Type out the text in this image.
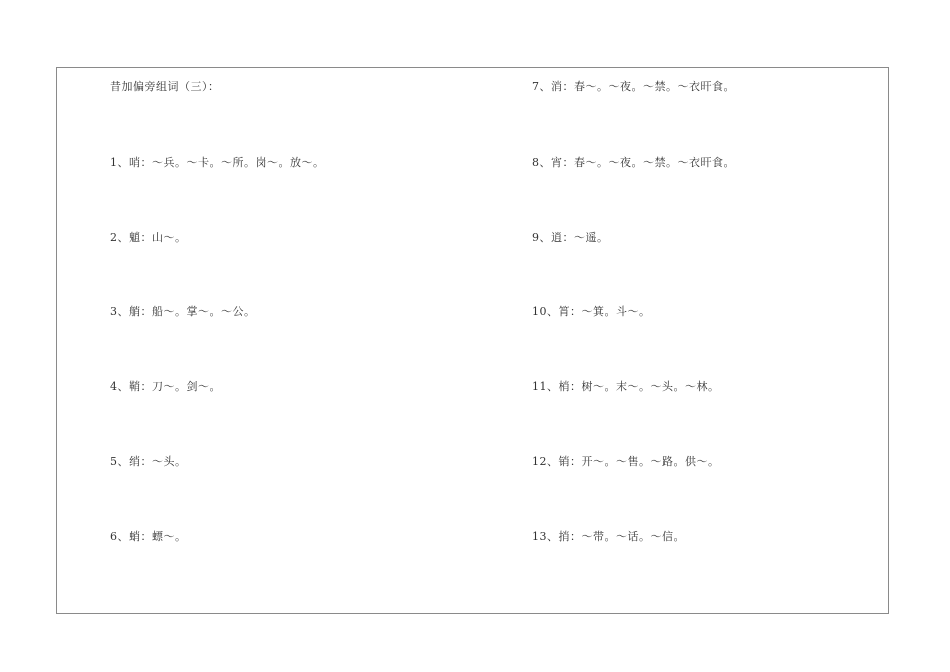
昔加偏旁组词（三）：
1、哨：～兵。～卡。～所。岗～。放～。
2、魈：山～。
3、艄：船～。掌～。～公。
4、鞘：刀～。剑～。
5、绡：～头。
6、蛸：螵～。
7、消：春～。～夜。～禁。～衣旰食。
8、宵：春～。～夜。～禁。～衣旰食。
9、逍：～遥。
10、筲：～箕。斗～。
11、梢：树～。末～。～头。～林。
12、销：开～。～售。～路。供～。
13、捎：～带。～话。～信。
